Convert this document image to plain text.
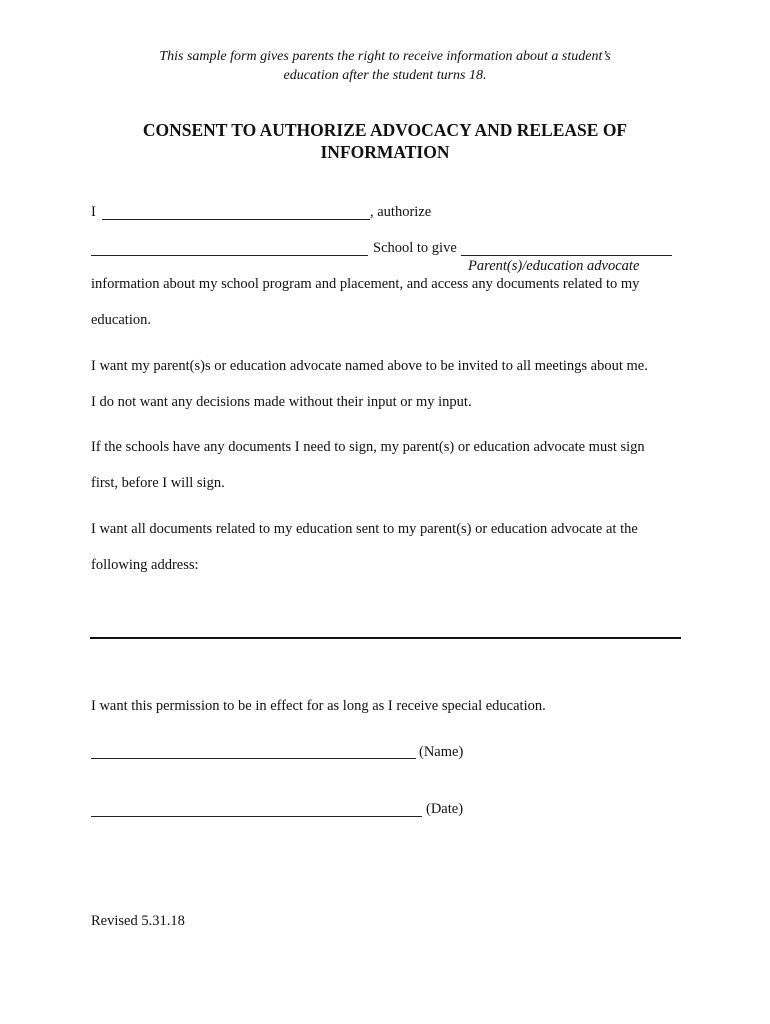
This sample form gives parents the right to receive information about a student’s
education after the student turns 18.
CONSENT TO AUTHORIZE ADVOCACY AND RELEASE OF
INFORMATION
I	, authorize
School to give
Parent(s)/education advocate
information about my school program and placement, and access any documents related to my
education.
I want my parent(s)s or education advocate named above to be invited to all meetings about me.
I do not want any decisions made without their input or my input.
If the schools have any documents I need to sign, my parent(s) or education advocate must sign
first, before I will sign.
I want all documents related to my education sent to my parent(s) or education advocate at the
following address:
I want this permission to be in effect for as long as I receive special education.
(Name)
(Date)
Revised 5.31.18
